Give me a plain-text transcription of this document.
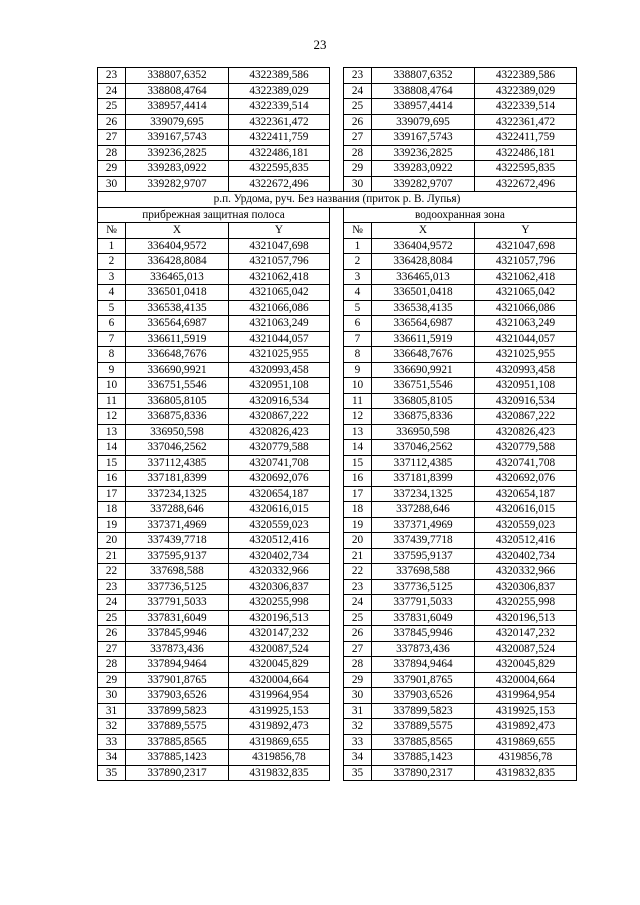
23
23	338807,6352	4322389,586		23	338807,6352	4322389,586
24	338808,4764	4322389,029		24	338808,4764	4322389,029
25	338957,4414	4322339,514		25	338957,4414	4322339,514
26	339079,695	4322361,472		26	339079,695	4322361,472
27	339167,5743	4322411,759		27	339167,5743	4322411,759
28	339236,2825	4322486,181		28	339236,2825	4322486,181
29	339283,0922	4322595,835		29	339283,0922	4322595,835
30	339282,9707	4322672,496		30	339282,9707	4322672,496
р.п. Урдома, руч. Без названия (приток р. В. Лупья)						
прибрежная защитная полоса				водоохранная зона		
№	X	Y		№	X	Y
1	336404,9572	4321047,698		1	336404,9572	4321047,698
2	336428,8084	4321057,796		2	336428,8084	4321057,796
3	336465,013	4321062,418		3	336465,013	4321062,418
4	336501,0418	4321065,042		4	336501,0418	4321065,042
5	336538,4135	4321066,086		5	336538,4135	4321066,086
6	336564,6987	4321063,249		6	336564,6987	4321063,249
7	336611,5919	4321044,057		7	336611,5919	4321044,057
8	336648,7676	4321025,955		8	336648,7676	4321025,955
9	336690,9921	4320993,458		9	336690,9921	4320993,458
10	336751,5546	4320951,108		10	336751,5546	4320951,108
11	336805,8105	4320916,534		11	336805,8105	4320916,534
12	336875,8336	4320867,222		12	336875,8336	4320867,222
13	336950,598	4320826,423		13	336950,598	4320826,423
14	337046,2562	4320779,588		14	337046,2562	4320779,588
15	337112,4385	4320741,708		15	337112,4385	4320741,708
16	337181,8399	4320692,076		16	337181,8399	4320692,076
17	337234,1325	4320654,187		17	337234,1325	4320654,187
18	337288,646	4320616,015		18	337288,646	4320616,015
19	337371,4969	4320559,023		19	337371,4969	4320559,023
20	337439,7718	4320512,416		20	337439,7718	4320512,416
21	337595,9137	4320402,734		21	337595,9137	4320402,734
22	337698,588	4320332,966		22	337698,588	4320332,966
23	337736,5125	4320306,837		23	337736,5125	4320306,837
24	337791,5033	4320255,998		24	337791,5033	4320255,998
25	337831,6049	4320196,513		25	337831,6049	4320196,513
26	337845,9946	4320147,232		26	337845,9946	4320147,232
27	337873,436	4320087,524		27	337873,436	4320087,524
28	337894,9464	4320045,829		28	337894,9464	4320045,829
29	337901,8765	4320004,664		29	337901,8765	4320004,664
30	337903,6526	4319964,954		30	337903,6526	4319964,954
31	337899,5823	4319925,153		31	337899,5823	4319925,153
32	337889,5575	4319892,473		32	337889,5575	4319892,473
33	337885,8565	4319869,655		33	337885,8565	4319869,655
34	337885,1423	4319856,78		34	337885,1423	4319856,78
35	337890,2317	4319832,835		35	337890,2317	4319832,835
